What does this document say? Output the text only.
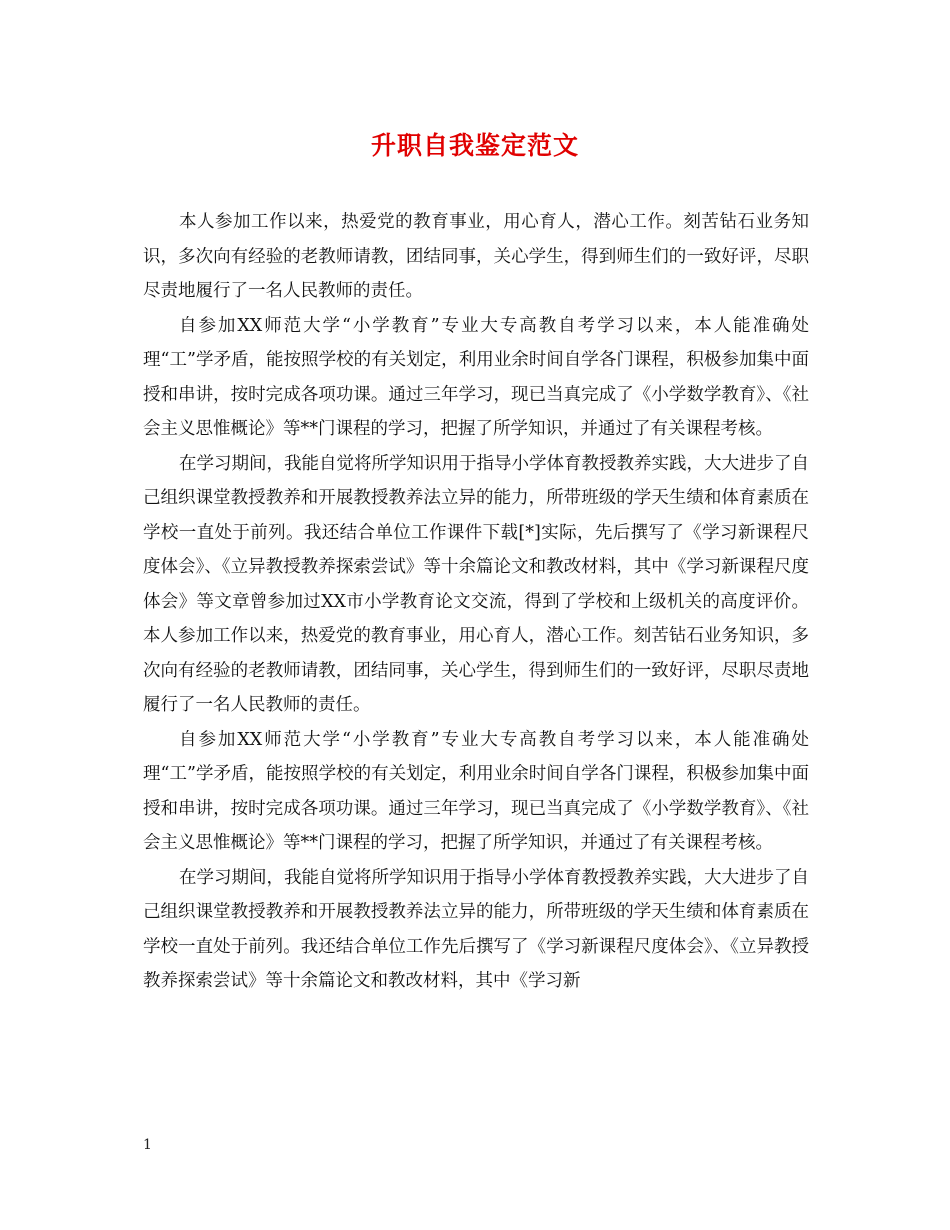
升职自我鉴定范文

本人参加工作以来，热爱党的教育事业，用心育人，潜心工作。刻苦钻石业务知识，多次向有经验的老教师请教，团结同事，关心学生，得到师生们的一致好评，尽职尽责地履行了一名人民教师的责任。

自参加XX师范大学“小学教育”专业大专高教自考学习以来，本人能准确处理“工”学矛盾，能按照学校的有关划定，利用业余时间自学各门课程，积极参加集中面授和串讲，按时完成各项功课。通过三年学习，现已当真完成了《小学数学教育》、《社会主义思惟概论》等**门课程的学习，把握了所学知识，并通过了有关课程考核。

在学习期间，我能自觉将所学知识用于指导小学体育教授教养实践，大大进步了自己组织课堂教授教养和开展教授教养法立异的能力，所带班级的学天生绩和体育素质在学校一直处于前列。我还结合单位工作课件下载[*]实际，先后撰写了《学习新课程尺度体会》、《立异教授教养探索尝试》等十余篇论文和教改材料，其中《学习新课程尺度体会》等文章曾参加过XX市小学教育论文交流，得到了学校和上级机关的高度评价。本人参加工作以来，热爱党的教育事业，用心育人，潜心工作。刻苦钻石业务知识，多次向有经验的老教师请教，团结同事，关心学生，得到师生们的一致好评，尽职尽责地履行了一名人民教师的责任。

自参加XX师范大学“小学教育”专业大专高教自考学习以来，本人能准确处理“工”学矛盾，能按照学校的有关划定，利用业余时间自学各门课程，积极参加集中面授和串讲，按时完成各项功课。通过三年学习，现已当真完成了《小学数学教育》、《社会主义思惟概论》等**门课程的学习，把握了所学知识，并通过了有关课程考核。

在学习期间，我能自觉将所学知识用于指导小学体育教授教养实践，大大进步了自己组织课堂教授教养和开展教授教养法立异的能力，所带班级的学天生绩和体育素质在学校一直处于前列。我还结合单位工作先后撰写了《学习新课程尺度体会》、《立异教授教养探索尝试》等十余篇论文和教改材料，其中《学习新

1
